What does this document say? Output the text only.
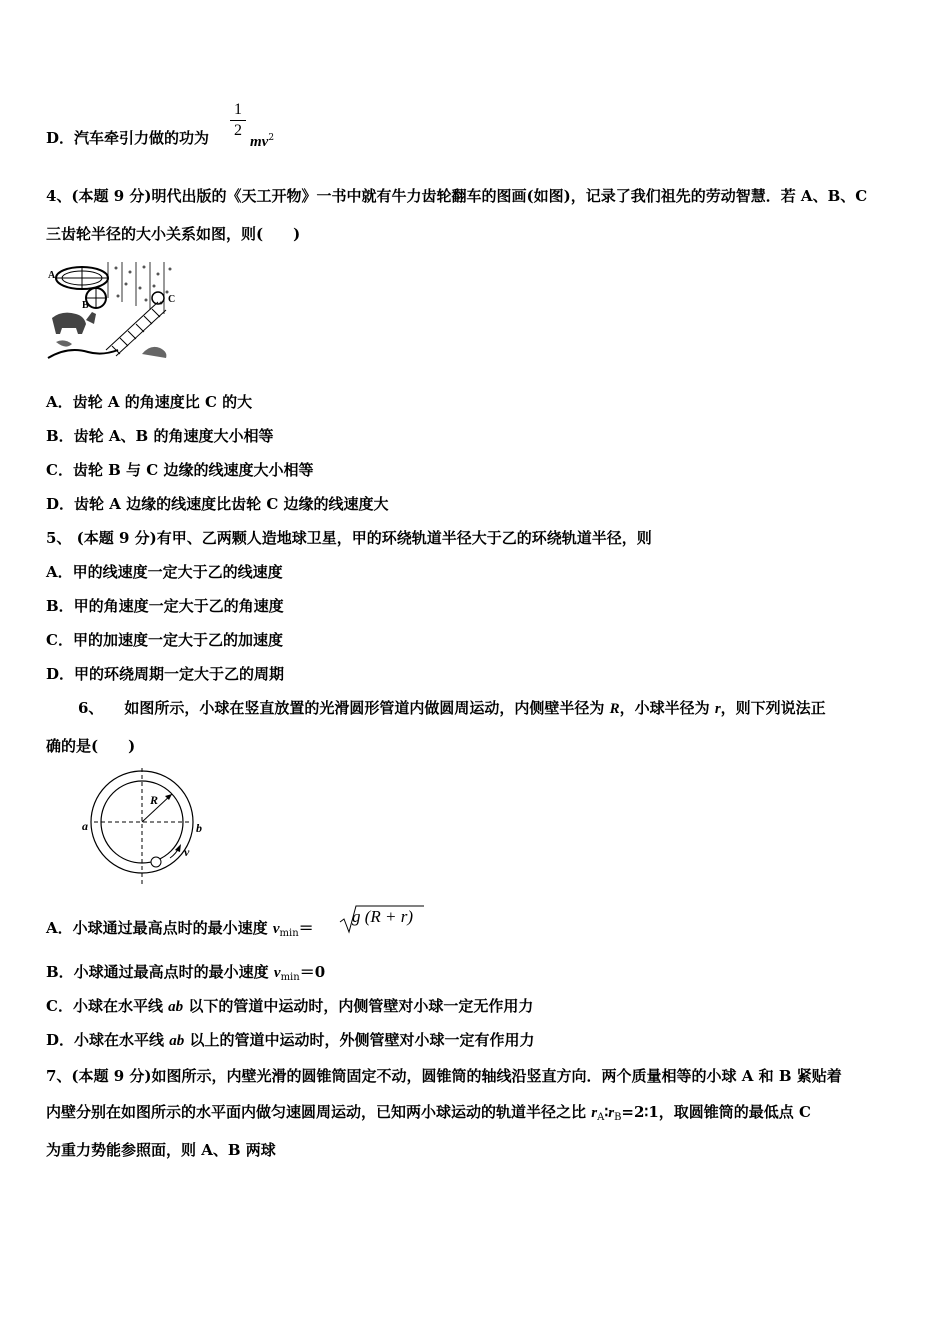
D．汽车牵引力做的功为
1
2
$mv^2$
4、(本题 9 分)明代出版的《天工开物》一书中就有牛力齿轮翻车的图画(如图)，记录了我们祖先的劳动智慧．若 A、B、C
三齿轮半径的大小关系如图，则(　　)
A
B
C
A．齿轮 A 的角速度比 C 的大
B．齿轮 A、B 的角速度大小相等
C．齿轮 B 与 C 边缘的线速度大小相等
D．齿轮 A 边缘的线速度比齿轮 C 边缘的线速度大
5、 (本题 9 分)有甲、乙两颗人造地球卫星，甲的环绕轨道半径大于乙的环绕轨道半径，则
A．甲的线速度一定大于乙的线速度
B．甲的角速度一定大于乙的角速度
C．甲的加速度一定大于乙的加速度
D．甲的环绕周期一定大于乙的周期
6、 如图所示，小球在竖直放置的光滑圆形管道内做圆周运动，内侧壁半径为 R，小球半径为 r，则下列说法正
确的是(　　)
R
a	b
v
A．小球通过最高点时的最小速度 $v_{min}=$
g (R + r)
B．小球通过最高点时的最小速度 $v_{min}=0$
C．小球在水平线 ab 以下的管道中运动时，内侧管壁对小球一定无作用力
D．小球在水平线 ab 以上的管道中运动时，外侧管壁对小球一定有作用力
7、(本题 9 分)如图所示，内壁光滑的圆锥筒固定不动，圆锥筒的轴线沿竖直方向．两个质量相等的小球 A 和 B 紧贴着
内壁分别在如图所示的水平面内做匀速圆周运动，已知两小球运动的轨道半径之比 $r_A∶r_B=2∶1$，取圆锥筒的最低点 C
为重力势能参照面，则 A、B 两球
